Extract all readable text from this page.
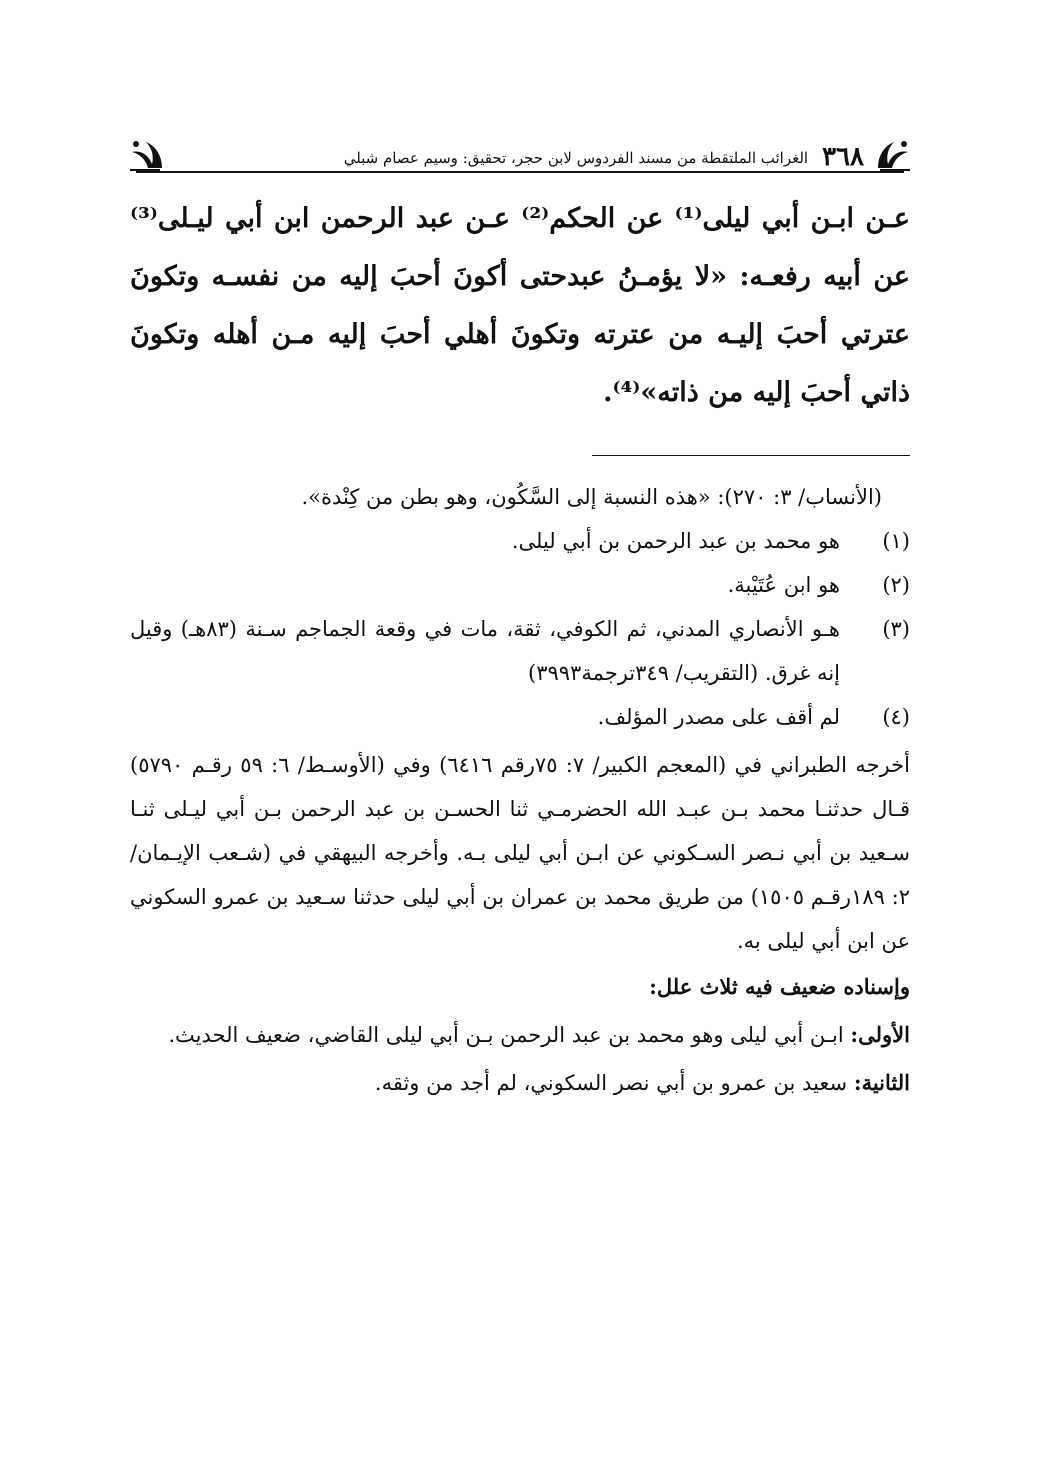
٣٦٨
الغرائب الملتقطة من مسند الفردوس لابن حجر، تحقيق: وسيم عصام شبلي

عـن ابـن أبي ليلى⁽¹⁾ عن الحكم⁽²⁾ عـن عبد الرحمن ابن أبي ليـلى⁽³⁾ عن أبيه رفعـه: «لا يؤمـنُ عبدحتى أكونَ أحبَ إليه من نفسـه وتكونَ عترتي أحبَ إليـه من عترته وتكونَ أهلي أحبَ إليه مـن أهله وتكونَ ذاتي أحبَ إليه من ذاته»⁽⁴⁾.

(الأنساب/ ٣: ٢٧٠): «هذه النسبة إلى السَّكُون، وهو بطن من كِنْدة».
(١)
هو محمد بن عبد الرحمن بن أبي ليلى.
(٢)
هو ابن عُتَيْبة.
(٣)
هـو الأنصاري المدني، ثم الكوفي، ثقة، مات في وقعة الجماجم سـنة (٨٣هـ) وقيل إنه غرق. (التقريب/ ٣٤٩ترجمة٣٩٩٣)
(٤)
لم أقف على مصدر المؤلف.
أخرجه الطبراني في (المعجم الكبير/ ٧: ٧٥رقم ٦٤١٦) وفي (الأوسـط/ ٦: ٥٩ رقـم ٥٧٩٠) قـال حدثنـا محمد بـن عبـد الله الحضرمـي ثنا الحسـن بن عبد الرحمن بـن أبي ليـلى ثنـا سـعيد بن أبي نـصر السـكوني عن ابـن أبي ليلى بـه. وأخرجه البيهقي في (شـعب الإيـمان/ ٢: ١٨٩رقـم ١٥٠٥) من طريق محمد بن عمران بن أبي ليلى حدثنا سـعيد بن عمرو السكوني عن ابن أبي ليلى به.
وإسناده ضعيف فيه ثلاث علل:
الأولى: ابـن أبي ليلى وهو محمد بن عبد الرحمن بـن أبي ليلى القاضي، ضعيف الحديث.
الثانية: سعيد بن عمرو بن أبي نصر السكوني، لم أجد من وثقه.
